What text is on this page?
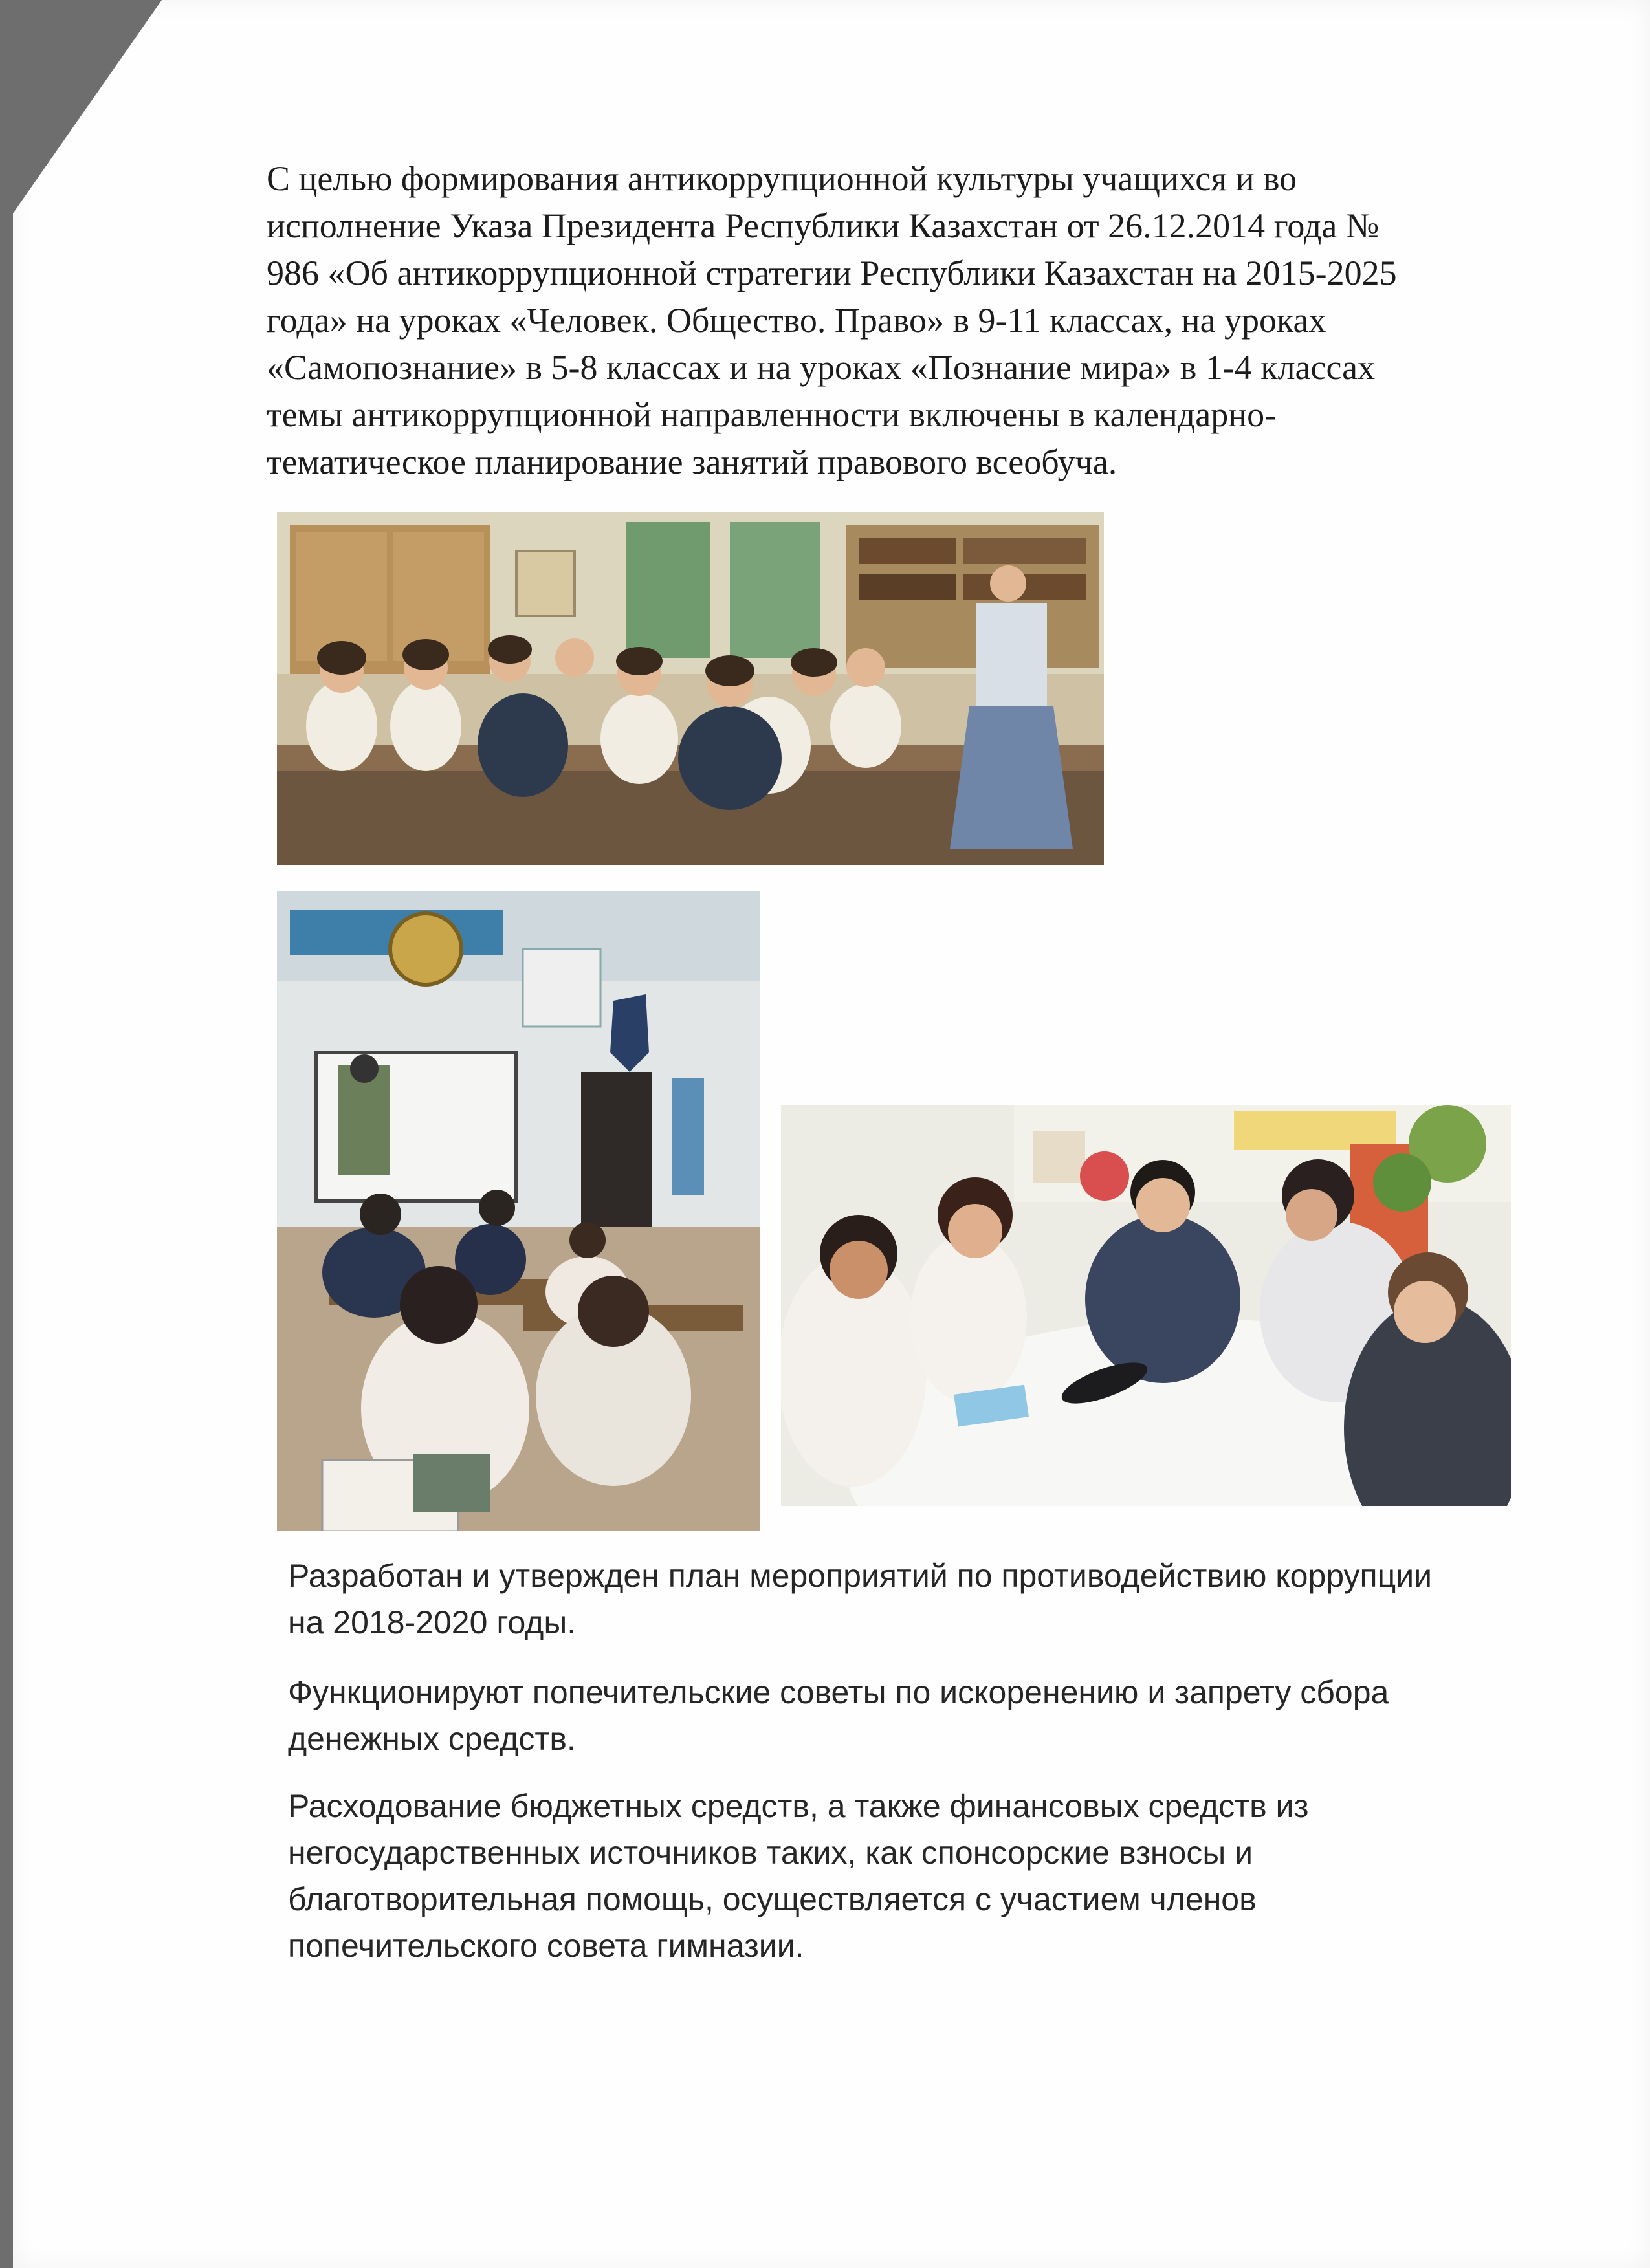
С целью формирования антикоррупционной культуры учащихся и во
исполнение Указа Президента Республики Казахстан от 26.12.2014 года №
986 «Об антикоррупционной стратегии Республики Казахстан на 2015-2025
года» на уроках «Человек. Общество. Право» в 9-11 классах, на уроках
«Самопознание» в 5-8 классах и на уроках «Познание мира» в 1-4 классах
темы антикоррупционной направленности включены в календарно-
тематическое планирование занятий правового всеобуча.
Разработан и утвержден план мероприятий по противодействию коррупции
на 2018-2020 годы.
Функционируют попечительские советы по искоренению и запрету сбора
денежных средств.
Расходование бюджетных средств, а также финансовых средств из
негосударственных источников таких, как спонсорские взносы и
благотворительная помощь, осуществляется с участием членов
попечительского совета гимназии.
